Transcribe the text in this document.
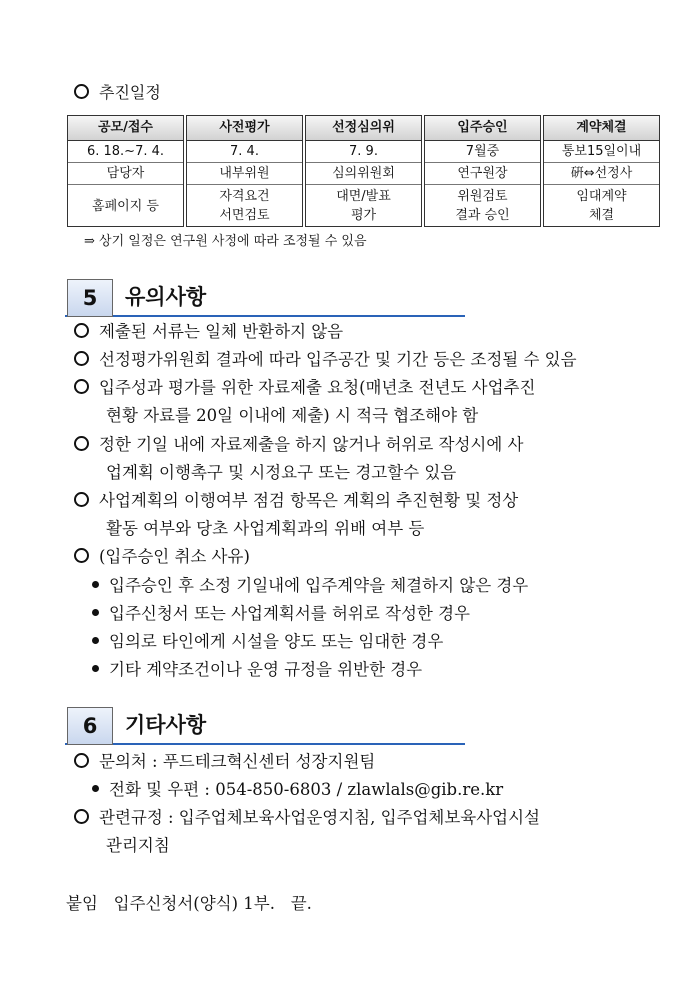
추진일정
공모/접수
6. 18.~7. 4.
담당자
홈페이지 등
사전평가
7. 4.
내부위원
자격요건
서면검토
선정심의위
7. 9.
심의위원회
대면/발표
평가
입주승인
7월중
연구원장
위원검토
결과 승인
계약체결
통보15일이내
硏⇔선정사
임대계약
체결
⇒ 상기 일정은 연구원 사정에 따라 조정될 수 있음
5	유의사항
제출된 서류는 일체 반환하지 않음
선정평가위원회 결과에 따라 입주공간 및 기간 등은 조정될 수 있음
입주성과 평가를 위한 자료제출 요청(매년초 전년도 사업추진
현황 자료를 20일 이내에 제출) 시 적극 협조해야 함
정한 기일 내에 자료제출을 하지 않거나 허위로 작성시에 사
업계획 이행촉구 및 시정요구 또는 경고할수 있음
사업계획의 이행여부 점검 항목은 계획의 추진현황 및 정상
활동 여부와 당초 사업계획과의 위배 여부 등
(입주승인 취소 사유)
입주승인 후 소정 기일내에 입주계약을 체결하지 않은 경우
입주신청서 또는 사업계획서를 허위로 작성한 경우
임의로 타인에게 시설을 양도 또는 임대한 경우
기타 계약조건이나 운영 규정을 위반한 경우
6	기타사항
문의처 : 푸드테크혁신센터 성장지원팀
전화 및 우편 : 054-850-6803 / zlawlals@gib.re.kr
관련규정 : 입주업체보육사업운영지침, 입주업체보육사업시설
관리지침
붙임   입주신청서(양식) 1부.   끝.
